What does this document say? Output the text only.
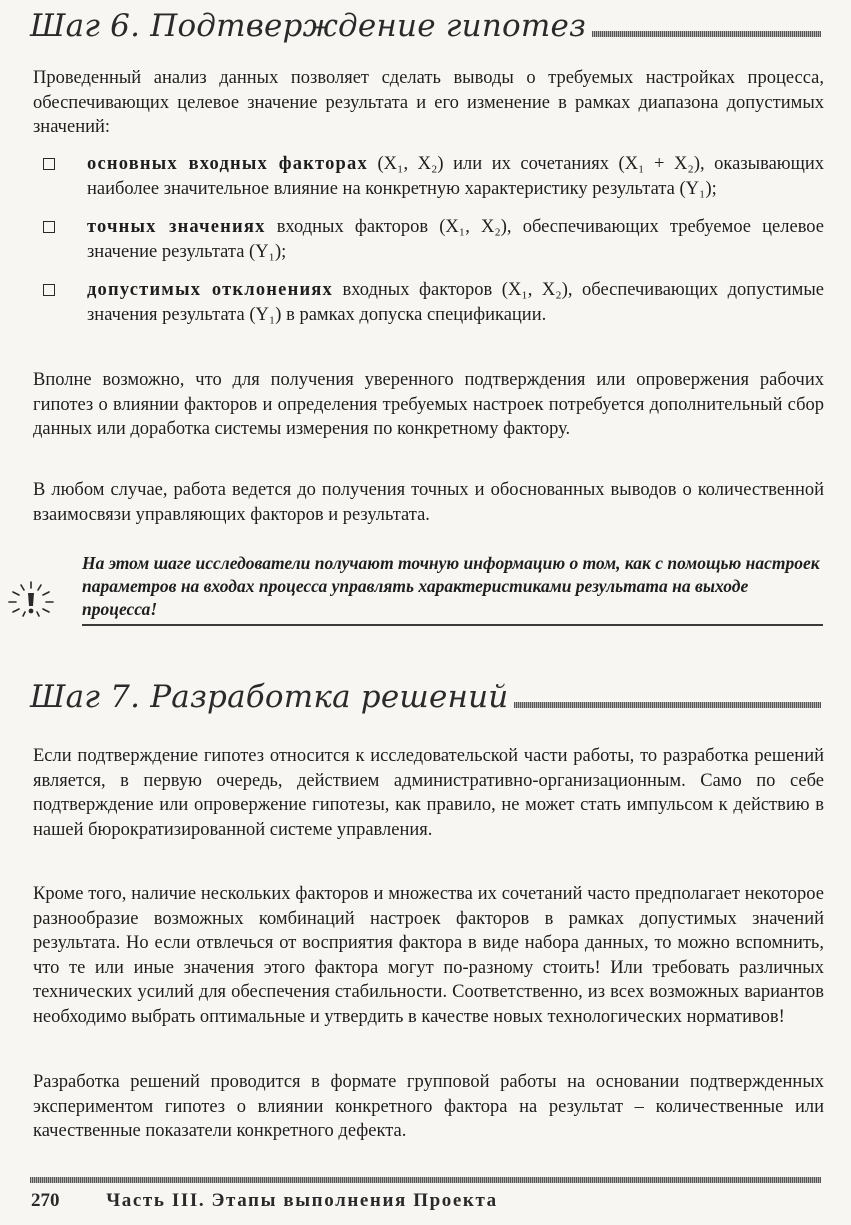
Шаг 6. Подтверждение гипотез

Проведенный анализ данных позволяет сделать выводы о требуемых настройках процесса, обеспечивающих целевое значение результата и его изменение в рамках диапазона допустимых значений:

основных входных факторах (X₁, X₂) или их сочетаниях (X₁ + X₂), оказывающих наиболее значительное влияние на конкретную характеристику результата (Y₁);
точных значениях входных факторов (X₁, X₂), обеспечивающих требуемое целевое значение результата (Y₁);
допустимых отклонениях входных факторов (X₁, X₂), обеспечивающих допустимые значения результата (Y₁) в рамках допуска спецификации.

Вполне возможно, что для получения уверенного подтверждения или опровержения рабочих гипотез о влиянии факторов и определения требуемых настроек потребуется дополнительный сбор данных или доработка системы измерения по конкретному фактору.

В любом случае, работа ведется до получения точных и обоснованных выводов о количественной взаимосвязи управляющих факторов и результата.

На этом шаге исследователи получают точную информацию о том, как с помощью настроек параметров на входах процесса управлять характеристиками результата на выходе процесса!

Шаг 7. Разработка решений

Если подтверждение гипотез относится к исследовательской части работы, то разработка решений является, в первую очередь, действием административно-организационным. Само по себе подтверждение или опровержение гипотезы, как правило, не может стать импульсом к действию в нашей бюрократизированной системе управления.

Кроме того, наличие нескольких факторов и множества их сочетаний часто предполагает некоторое разнообразие возможных комбинаций настроек факторов в рамках допустимых значений результата. Но если отвлечься от восприятия фактора в виде набора данных, то можно вспомнить, что те или иные значения этого фактора могут по-разному стоить! Или требовать различных технических усилий для обеспечения стабильности. Соответственно, из всех возможных вариантов необходимо выбрать оптимальные и утвердить в качестве новых технологических нормативов!

Разработка решений проводится в формате групповой работы на основании подтвержденных экспериментом гипотез о влиянии конкретного фактора на результат – количественные или качественные показатели конкретного дефекта.

270 Часть III. Этапы выполнения Проекта
